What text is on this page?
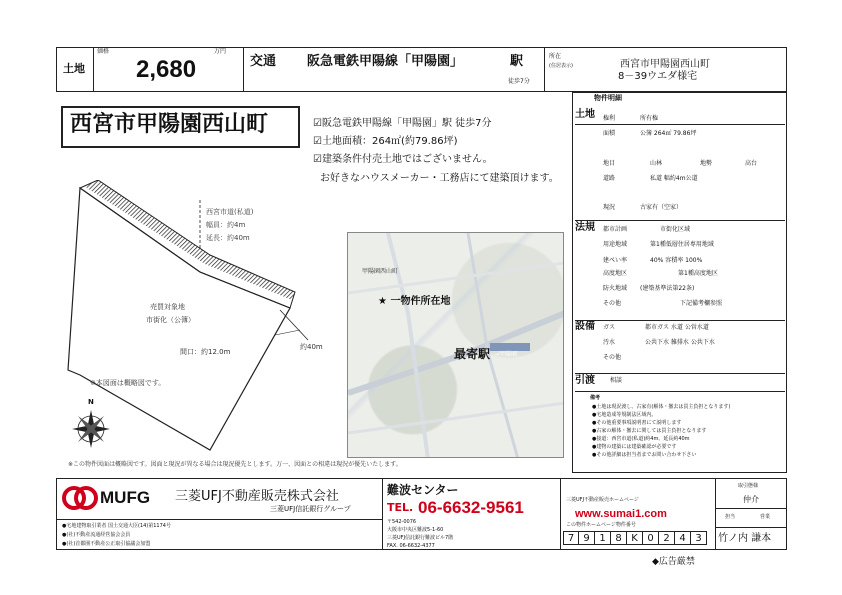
土地
価格
2,680
万円
交通 阪急電鉄甲陽線「甲陽園」	駅
徒歩7分
所在
(住居表示)	西宮市甲陽園西山町
8－39ウエダ様宅
西宮市甲陽園西山町	☑阪急電鉄甲陽線「甲陽園」駅 徒歩7分
☑土地面積：264㎡(約79.86坪)
☑建築条件付売土地ではございません。
お好きなハウスメーカー・工務店にて建築頂けます。
西宮市道(私道)
幅員：約4m
延長：約40m
売買対象地
市街化（公簿）
間口：約12.0m
約40m
※本図面は概略図です。
N
★ 一物件所在地
最寄駅 →甲陽園
甲陽園西山町
※この物件図面は概略図です。図面と現況が異なる場合は現況優先とします。万一、図面との相違は現況が優先いたします。
物件明細
土地
法規
設備
引渡	相談
備考
権利	所有権
面積	公簿 264㎡ 79.86坪
地目	山林	地勢	高台
道路	私道 幅約4m公道
現況	古家有（空家）
都市計画	市街化区域
用途地域	第1種低層住居専用地域
建ぺい率	40% 容積率 100%
高度地区	第1種高度地区
防火地域 (建築基準法第22条)
その他	下記備考欄参照
ガス	都市ガス 水道 公営水道
汚水	公共下水 雑排水 公共下水
その他
●土地は現況渡し、古家有(解体・撤去は買主負担となります)
●宅地造成等規制法区域内。
●その他重要事項説明書にて説明します
●古家の解体・撤去に関しては買主負担となります
●接道：西宮市道(私道)約4m、延長約40m
●建物の建築には建築確認が必要です
●その他詳細は担当者までお問い合わせ下さい
MUFG 三菱UFJ不動産販売株式会社
三菱UFJ信託銀行グループ
●宅地建物取引業者 国土交通大臣(14)第1174号
●(社)不動産流通経営協会会員
●(社)首都圏不動産公正取引協議会加盟
難波センター
TEL. 06-6632-9561
〒542-0076
大阪市中央区難波5-1-60
三菱UFJ信託銀行難波ビル7階
FAX. 06-6632-4377
三菱UFJ不動産販売ホームページ
www.sumai1.com
この物件ホームページ物件番号
7 9 1 8 K 0 2 4 3
取引態様
仲介
担当	営業
竹ノ内 謙本
◆広告厳禁
